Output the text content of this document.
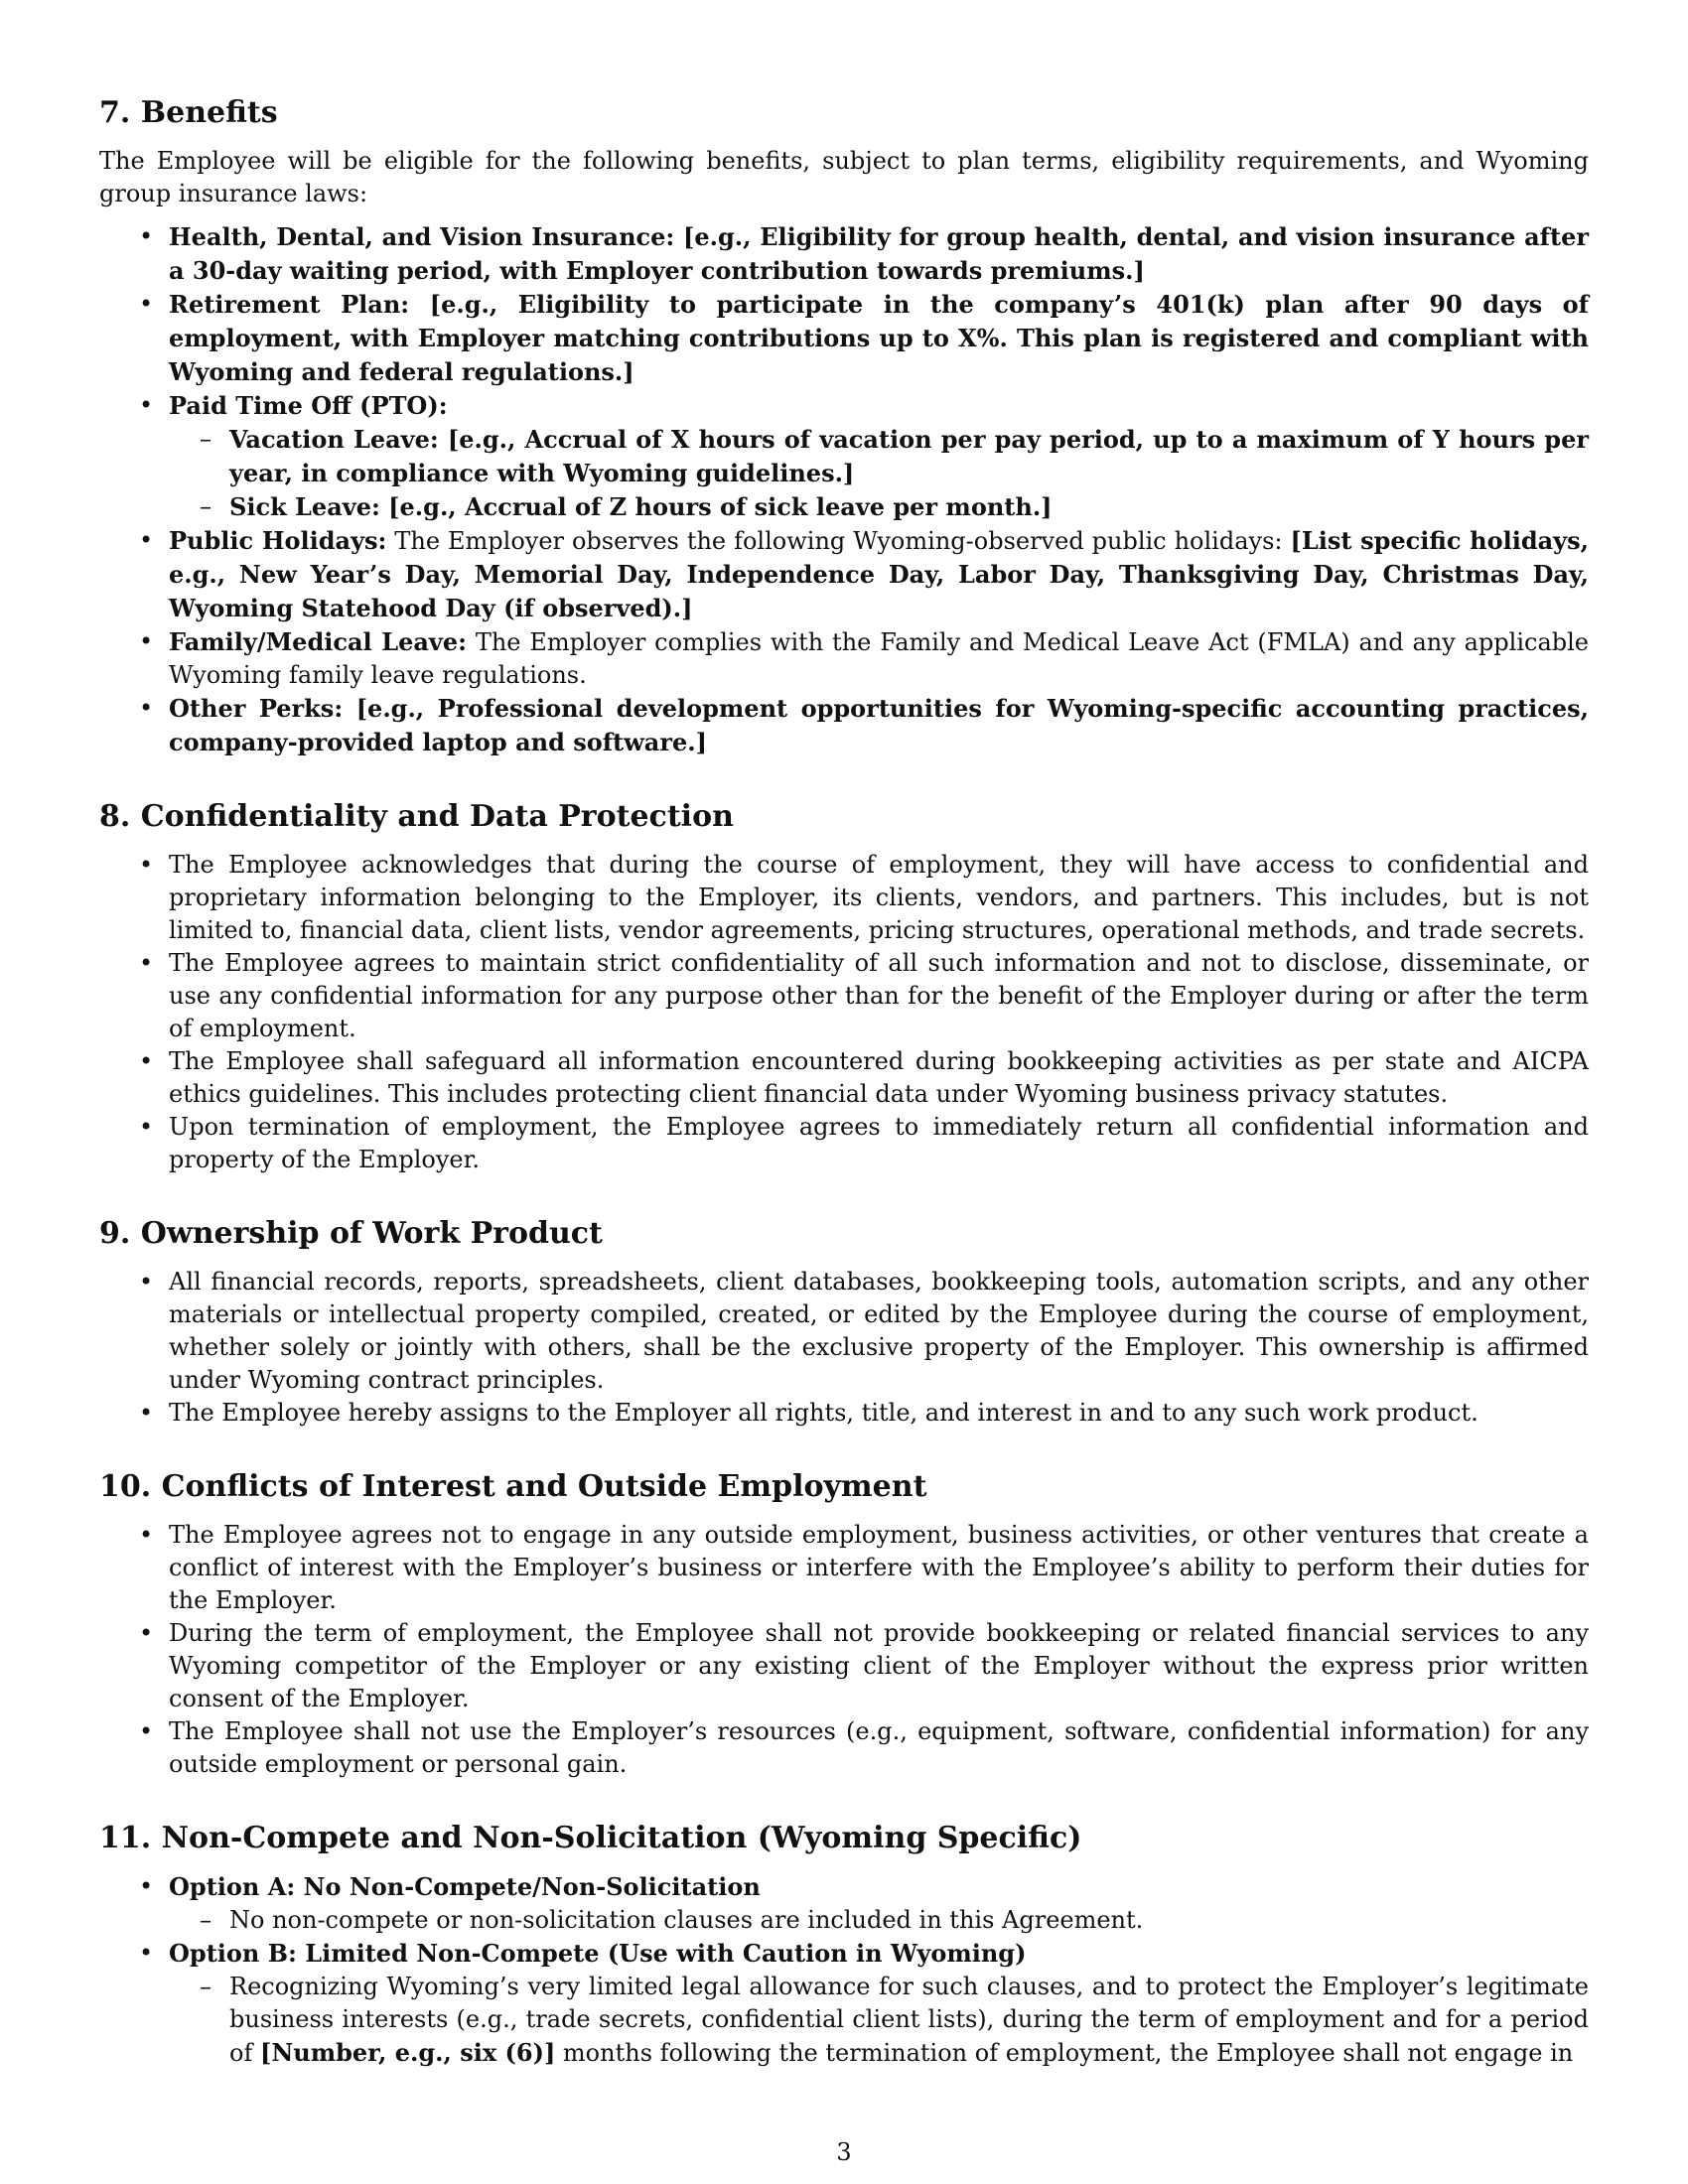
7. Benefits

The Employee will be eligible for the following benefits, subject to plan terms, eligibility requirements, and Wyoming group insurance laws:

• Health, Dental, and Vision Insurance: [e.g., Eligibility for group health, dental, and vision insurance after a 30-day waiting period, with Employer contribution towards premiums.]
• Retirement Plan: [e.g., Eligibility to participate in the company’s 401(k) plan after 90 days of employment, with Employer matching contributions up to X%. This plan is registered and compliant with Wyoming and federal regulations.]
• Paid Time Off (PTO):
– Vacation Leave: [e.g., Accrual of X hours of vacation per pay period, up to a maximum of Y hours per year, in compliance with Wyoming guidelines.]
– Sick Leave: [e.g., Accrual of Z hours of sick leave per month.]
• Public Holidays: The Employer observes the following Wyoming-observed public holidays: [List specific holidays, e.g., New Year’s Day, Memorial Day, Independence Day, Labor Day, Thanksgiving Day, Christmas Day, Wyoming Statehood Day (if observed).]
• Family/Medical Leave: The Employer complies with the Family and Medical Leave Act (FMLA) and any applicable Wyoming family leave regulations.
• Other Perks: [e.g., Professional development opportunities for Wyoming-specific accounting practices, company-provided laptop and software.]
8. Confidentiality and Data Protection
• The Employee acknowledges that during the course of employment, they will have access to confidential and proprietary information belonging to the Employer, its clients, vendors, and partners. This includes, but is not limited to, financial data, client lists, vendor agreements, pricing structures, operational methods, and trade secrets.
• The Employee agrees to maintain strict confidentiality of all such information and not to disclose, disseminate, or use any confidential information for any purpose other than for the benefit of the Employer during or after the term of employment.
• The Employee shall safeguard all information encountered during bookkeeping activities as per state and AICPA ethics guidelines. This includes protecting client financial data under Wyoming business privacy statutes.
• Upon termination of employment, the Employee agrees to immediately return all confidential information and property of the Employer.
9. Ownership of Work Product
• All financial records, reports, spreadsheets, client databases, bookkeeping tools, automation scripts, and any other materials or intellectual property compiled, created, or edited by the Employee during the course of employment, whether solely or jointly with others, shall be the exclusive property of the Employer. This ownership is affirmed under Wyoming contract principles.
• The Employee hereby assigns to the Employer all rights, title, and interest in and to any such work product.
10. Conflicts of Interest and Outside Employment
• The Employee agrees not to engage in any outside employment, business activities, or other ventures that create a conflict of interest with the Employer’s business or interfere with the Employee’s ability to perform their duties for the Employer.
• During the term of employment, the Employee shall not provide bookkeeping or related financial services to any Wyoming competitor of the Employer or any existing client of the Employer without the express prior written consent of the Employer.
• The Employee shall not use the Employer’s resources (e.g., equipment, software, confidential information) for any outside employment or personal gain.
11. Non-Compete and Non-Solicitation (Wyoming Specific)
• Option A: No Non-Compete/Non-Solicitation
– No non-compete or non-solicitation clauses are included in this Agreement.
• Option B: Limited Non-Compete (Use with Caution in Wyoming)
– Recognizing Wyoming’s very limited legal allowance for such clauses, and to protect the Employer’s legitimate business interests (e.g., trade secrets, confidential client lists), during the term of employment and for a period of [Number, e.g., six (6)] months following the termination of employment, the Employee shall not engage in
3
